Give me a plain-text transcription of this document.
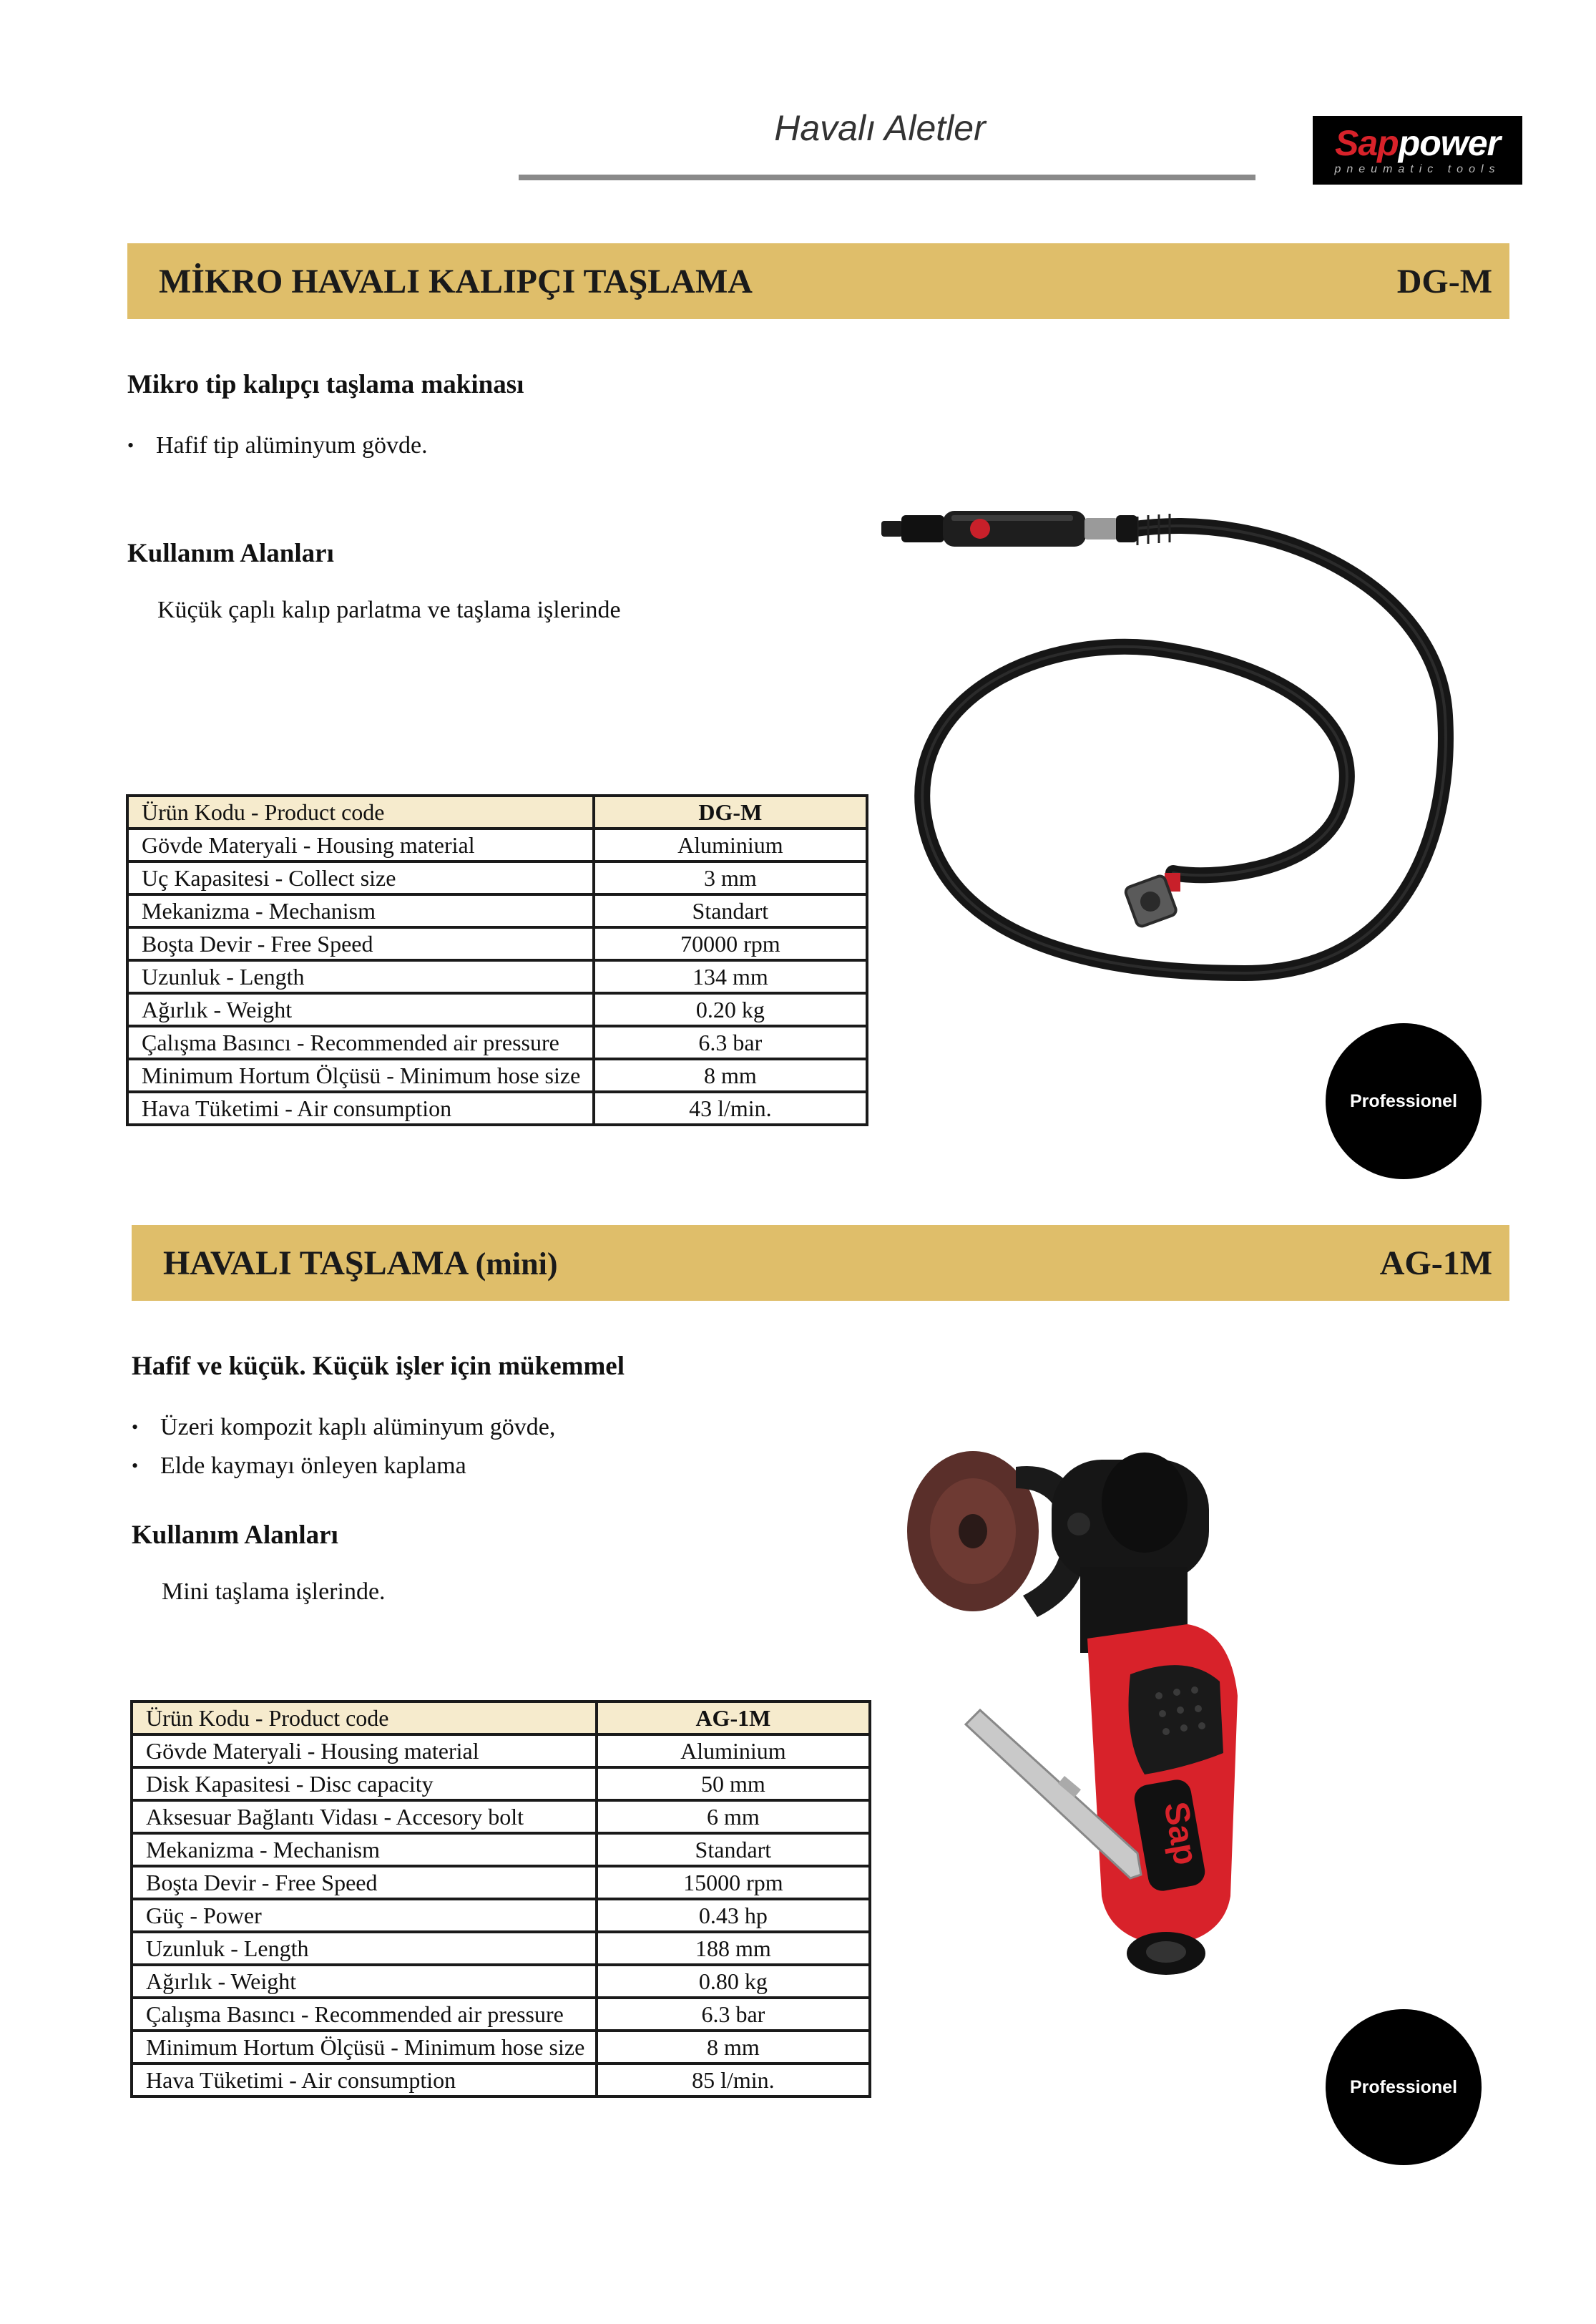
Havalı Aletler	Sappower
pneumatic tools
MİKRO HAVALI KALIPÇI TAŞLAMA	DG-M
Mikro tip kalıpçı taşlama makinası
• Hafif tip alüminyum gövde.
Kullanım Alanları
Küçük çaplı kalıp parlatma ve taşlama işlerinde
Ürün Kodu - Product code	DG-M
Gövde Materyali - Housing material	Aluminium
Uç Kapasitesi - Collect size	3 mm
Mekanizma - Mechanism	Standart
Boşta Devir - Free Speed	70000 rpm
Uzunluk - Length	134 mm
Ağırlık - Weight	0.20 kg
Çalışma Basıncı - Recommended air pressure	6.3 bar
Minimum Hortum Ölçüsü - Minimum hose size	8 mm
Hava Tüketimi - Air consumption	43 l/min.	Professionel
HAVALI TAŞLAMA (mini)	AG-1M
Hafif ve küçük. Küçük işler için mükemmel
• Üzeri kompozit kaplı alüminyum gövde,
• Elde kaymayı önleyen kaplama
Kullanım Alanları
Mini taşlama işlerinde.
Ürün Kodu - Product code	AG-1M
Gövde Materyali - Housing material	Aluminium
Disk Kapasitesi - Disc capacity	50 mm
Aksesuar Bağlantı Vidası - Accesory bolt	6 mm
Mekanizma - Mechanism	Standart
Boşta Devir - Free Speed	15000 rpm
Güç - Power	0.43 hp
Uzunluk - Length	188 mm
Ağırlık - Weight	0.80 kg
Çalışma Basıncı - Recommended air pressure	6.3 bar
Minimum Hortum Ölçüsü - Minimum hose size	8 mm
Hava Tüketimi - Air consumption	85 l/min.
Sap
Professionel
